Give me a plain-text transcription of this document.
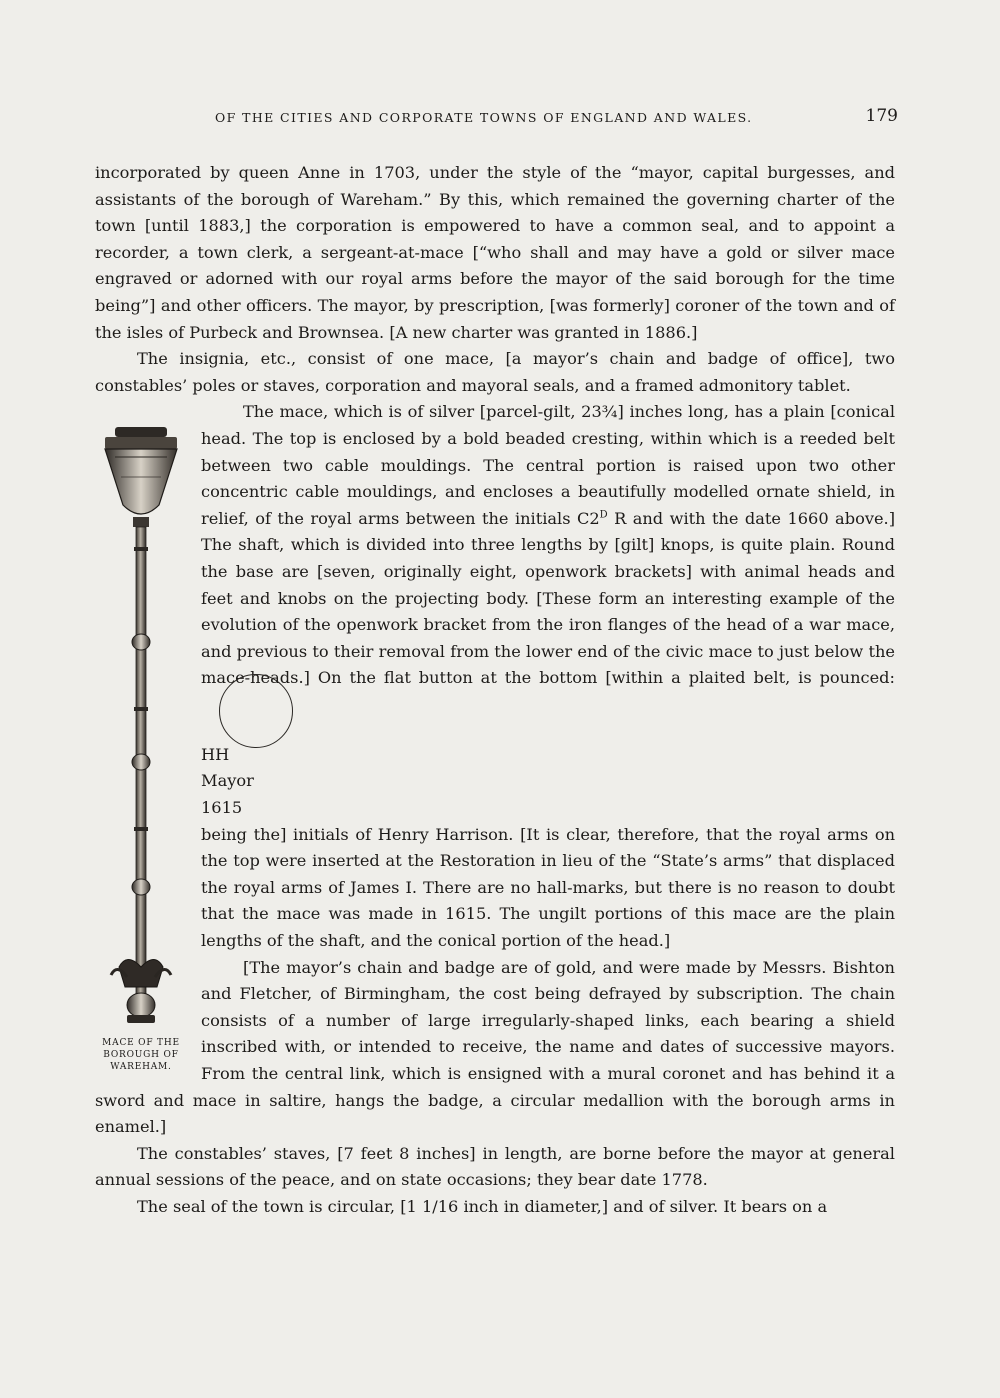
OF THE CITIES AND CORPORATE TOWNS OF ENGLAND AND WALES.	179

incorporated by queen Anne in 1703, under the style of the “mayor, capital burgesses, and assistants of the borough of Wareham.” By this, which remained the governing charter of the town [until 1883,] the corporation is empowered to have a common seal, and to appoint a recorder, a town clerk, a sergeant-at-mace [“who shall and may have a gold or silver mace engraved or adorned with our royal arms before the mayor of the said borough for the time being”] and other officers. The mayor, by prescription, [was formerly] coroner of the town and of the isles of Purbeck and Brownsea. [A new charter was granted in 1886.]

The insignia, etc., consist of one mace, [a mayor’s chain and badge of office], two constables’ poles or staves, corporation and mayoral seals, and a framed admonitory tablet.

MACE OF THE
BOROUGH OF
WAREHAM.

The mace, which is of silver [parcel-gilt, 23¾] inches long, has a plain [conical head. The top is enclosed by a bold beaded cresting, within which is a reeded belt between two cable mouldings. The central portion is raised upon two other concentric cable mouldings, and encloses a beautifully modelled ornate shield, in relief, of the royal arms between the initials $C2^D$ R and with the date 1660 above.] The shaft, which is divided into three lengths by [gilt] knops, is quite plain. Round the base are [seven, originally eight, openwork brackets] with animal heads and feet and knobs on the projecting body. [These form an interesting example of the evolution of the openwork bracket from the iron flanges of the head of a war mace, and previous to their removal from the lower end of the civic mace to just below the mace-heads.] On the flat button at the bottom [within a plaited belt, is pounced:

HH
Mayor
1615
being the] initials of Henry Harrison. [It is clear, therefore, that the royal arms on the top were inserted at the Restoration in lieu of the “State’s arms” that displaced the royal arms of James I. There are no hall-marks, but there is no reason to doubt that the mace was made in 1615. The ungilt portions of this mace are the plain lengths of the shaft, and the conical portion of the head.]

[The mayor’s chain and badge are of gold, and were made by Messrs. Bishton and Fletcher, of Birmingham, the cost being defrayed by subscription. The chain consists of a number of large irregularly-shaped links, each bearing a shield inscribed with, or intended to receive, the name and dates of successive mayors. From the central link, which is ensigned with a mural coronet and has behind it a sword and mace in saltire, hangs the badge, a circular medallion with the borough arms in enamel.]

The constables’ staves, [7 feet 8 inches] in length, are borne before the mayor at general annual sessions of the peace, and on state occasions; they bear date 1778.

The seal of the town is circular, [1 1/16 inch in diameter,] and of silver. It bears on a
